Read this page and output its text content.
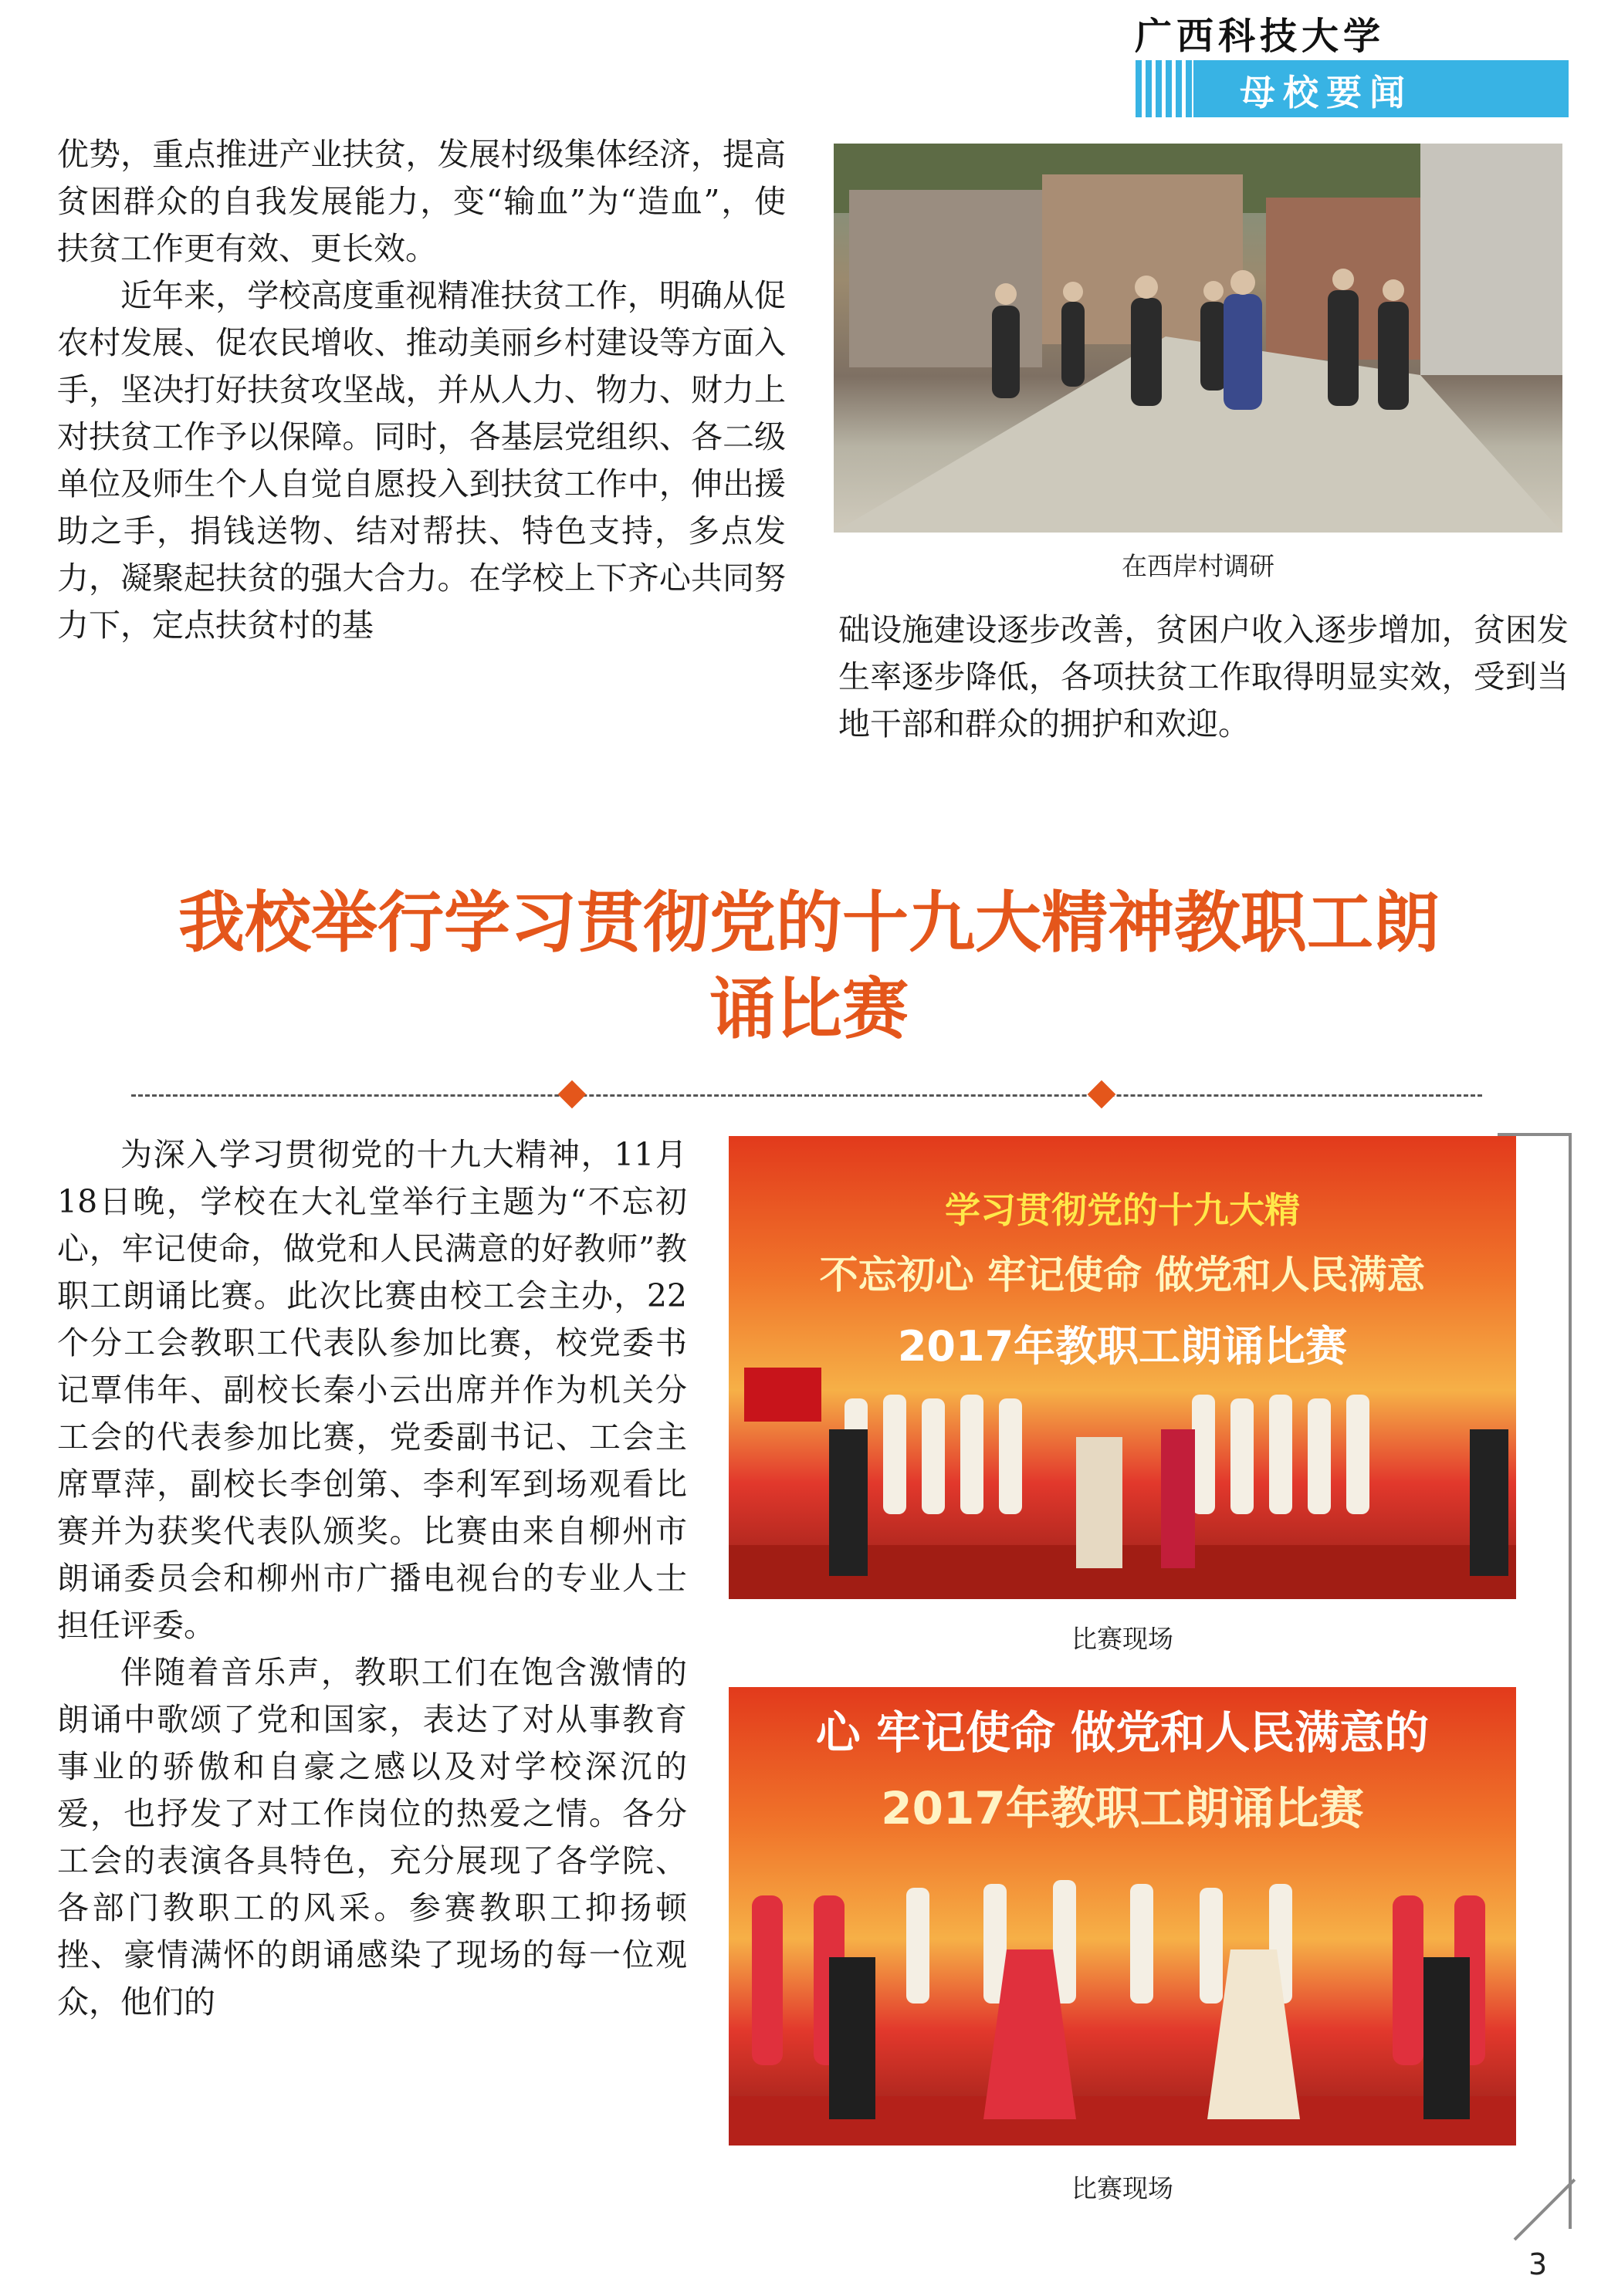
广西科技大学
母校要闻

优势，重点推进产业扶贫，发展村级集体经济，提高贫困群众的自我发展能力，变“输血”为“造血”，使扶贫工作更有效、更长效。

近年来，学校高度重视精准扶贫工作，明确从促农村发展、促农民增收、推动美丽乡村建设等方面入手，坚决打好扶贫攻坚战，并从人力、物力、财力上对扶贫工作予以保障。同时，各基层党组织、各二级单位及师生个人自觉自愿投入到扶贫工作中，伸出援助之手，捐钱送物、结对帮扶、特色支持，多点发力，凝聚起扶贫的强大合力。在学校上下齐心共同努力下，定点扶贫村的基

在西岸村调研

础设施建设逐步改善，贫困户收入逐步增加，贫困发生率逐步降低，各项扶贫工作取得明显实效，受到当地干部和群众的拥护和欢迎。

我校举行学习贯彻党的十九大精神教职工朗
诵比赛

为深入学习贯彻党的十九大精神，11月18日晚，学校在大礼堂举行主题为“不忘初心，牢记使命，做党和人民满意的好教师”教职工朗诵比赛。此次比赛由校工会主办，22个分工会教职工代表队参加比赛，校党委书记覃伟年、副校长秦小云出席并作为机关分工会的代表参加比赛，党委副书记、工会主席覃萍，副校长李创第、李利军到场观看比赛并为获奖代表队颁奖。比赛由来自柳州市朗诵委员会和柳州市广播电视台的专业人士担任评委。

伴随着音乐声，教职工们在饱含激情的朗诵中歌颂了党和国家，表达了对从事教育事业的骄傲和自豪之感以及对学校深沉的爱，也抒发了对工作岗位的热爱之情。各分工会的表演各具特色，充分展现了各学院、各部门教职工的风采。参赛教职工抑扬顿挫、豪情满怀的朗诵感染了现场的每一位观众，他们的

学习贯彻党的十九大精
不忘初心 牢记使命 做党和人民满意
2017年教职工朗诵比赛
比赛现场
心 牢记使命 做党和人民满意的
2017年教职工朗诵比赛
比赛现场
3
